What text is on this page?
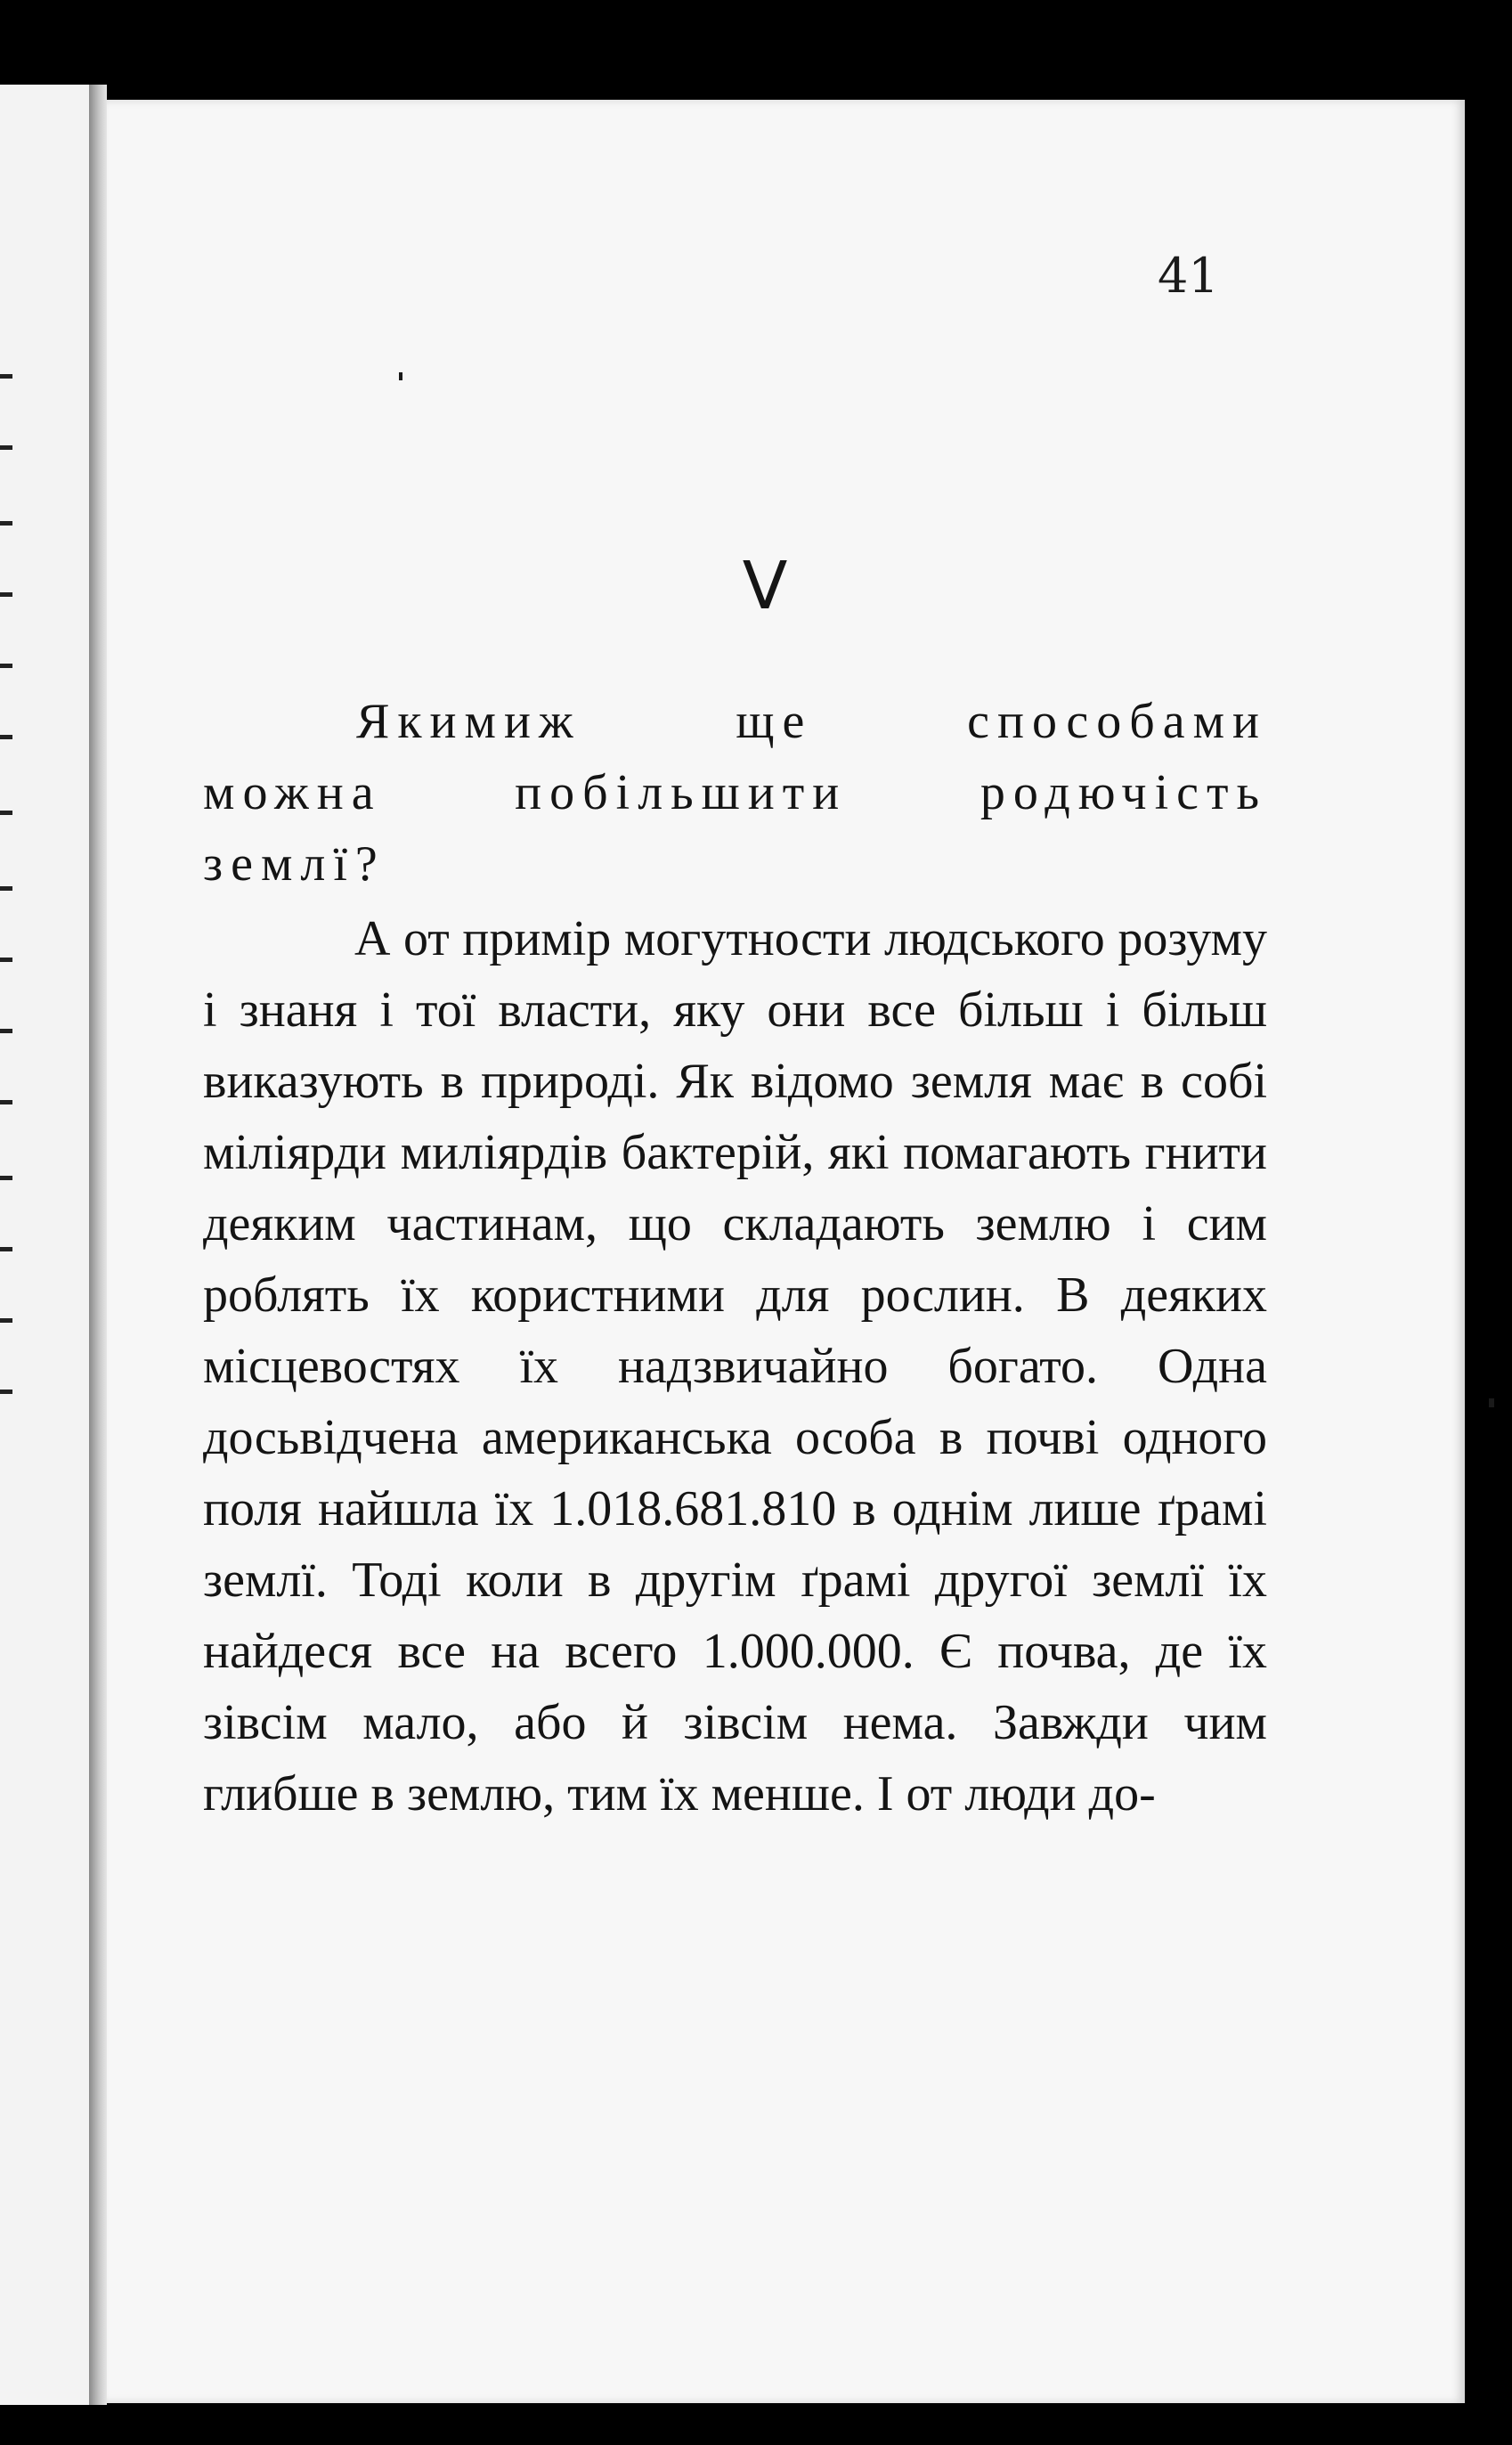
41
V

Якимиж ще способами можна побільшити родючість землї?

А от примір могутности людського розуму і знаня і тої власти, яку они все більш і більш виказують в природі. Як відомо земля має в собі міліярди миліярдів бактерій, які помагають гнити деяким частинам, що складають землю і сим роблять їх користними для рослин. В деяких місцевостях їх надзвичайно богато. Одна досьвідчена американська особа в почві одного поля найшла їх 1.018.681.810 в однім лише ґрамі землї. Тоді коли в другім ґрамі другої землї їх найдеся все на всего 1.000.000. Є почва, де їх зівсім мало, або й зівсім нема. Завжди чим глибше в землю, тим їх менше. І от люди до-
